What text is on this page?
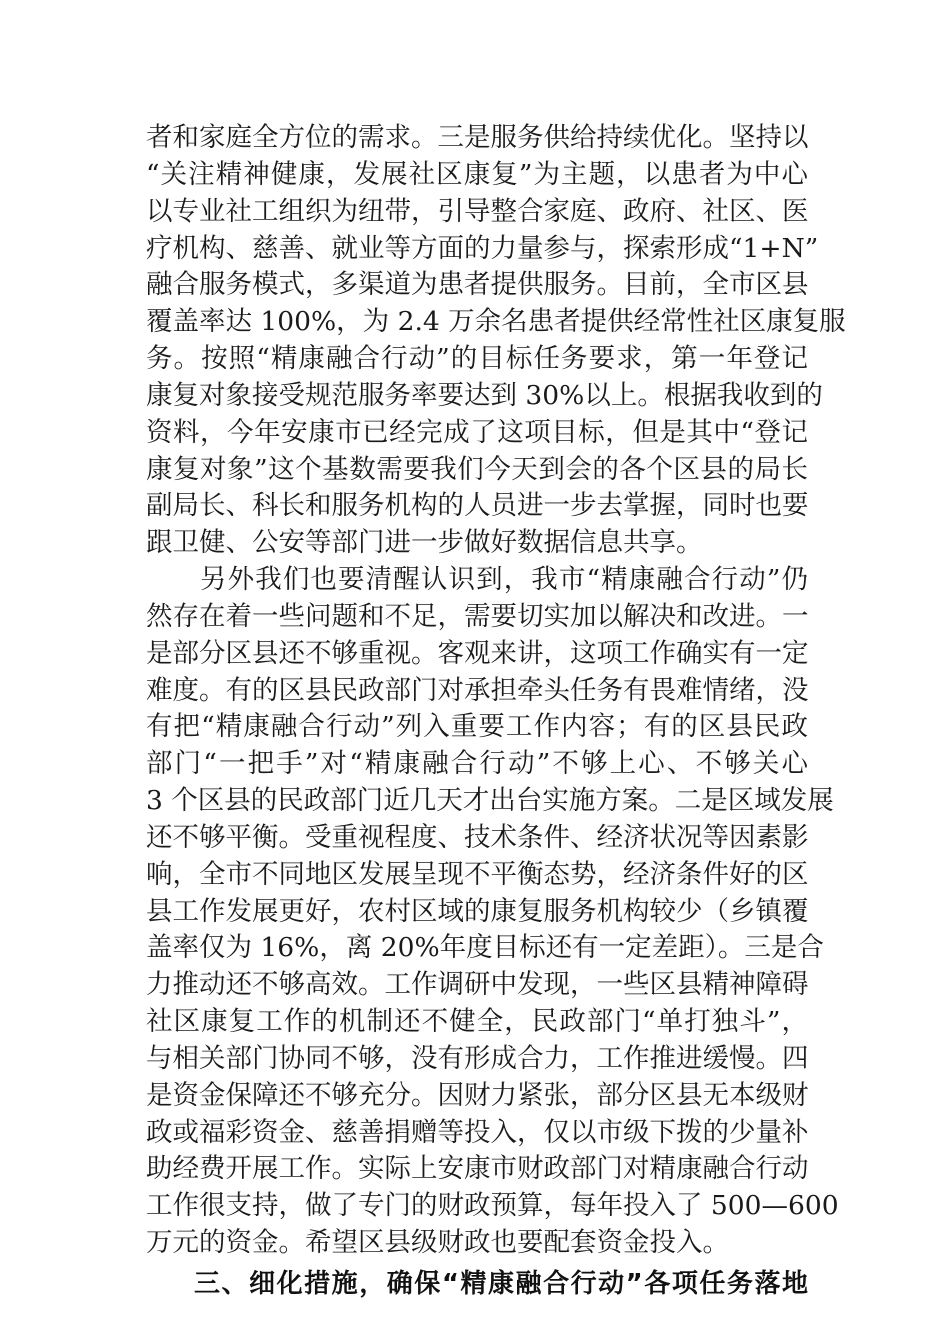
者和家庭全方位的需求。三是服务供给持续优化。坚持以
“关注精神健康，发展社区康复”为主题，以患者为中心
以专业社工组织为纽带，引导整合家庭、政府、社区、医
疗机构、慈善、就业等方面的力量参与，探索形成“1+N”
融合服务模式，多渠道为患者提供服务。目前，全市区县
覆盖率达 100%，为 2.4 万余名患者提供经常性社区康复服
务。按照“精康融合行动”的目标任务要求，第一年登记
康复对象接受规范服务率要达到 30%以上。根据我收到的
资料，今年安康市已经完成了这项目标，但是其中“登记
康复对象”这个基数需要我们今天到会的各个区县的局长
副局长、科长和服务机构的人员进一步去掌握，同时也要
跟卫健、公安等部门进一步做好数据信息共享。
另外我们也要清醒认识到，我市“精康融合行动”仍
然存在着一些问题和不足，需要切实加以解决和改进。一
是部分区县还不够重视。客观来讲，这项工作确实有一定
难度。有的区县民政部门对承担牵头任务有畏难情绪，没
有把“精康融合行动”列入重要工作内容；有的区县民政
部门“一把手”对“精康融合行动”不够上心、不够关心
3 个区县的民政部门近几天才出台实施方案。二是区域发展
还不够平衡。受重视程度、技术条件、经济状况等因素影
响，全市不同地区发展呈现不平衡态势，经济条件好的区
县工作发展更好，农村区域的康复服务机构较少（乡镇覆
盖率仅为 16%，离 20%年度目标还有一定差距）。三是合
力推动还不够高效。工作调研中发现，一些区县精神障碍
社区康复工作的机制还不健全，民政部门“单打独斗”，
与相关部门协同不够，没有形成合力，工作推进缓慢。四
是资金保障还不够充分。因财力紧张，部分区县无本级财
政或福彩资金、慈善捐赠等投入，仅以市级下拨的少量补
助经费开展工作。实际上安康市财政部门对精康融合行动
工作很支持，做了专门的财政预算，每年投入了 500—600
万元的资金。希望区县级财政也要配套资金投入。
三、细化措施，确保“精康融合行动”各项任务落地
